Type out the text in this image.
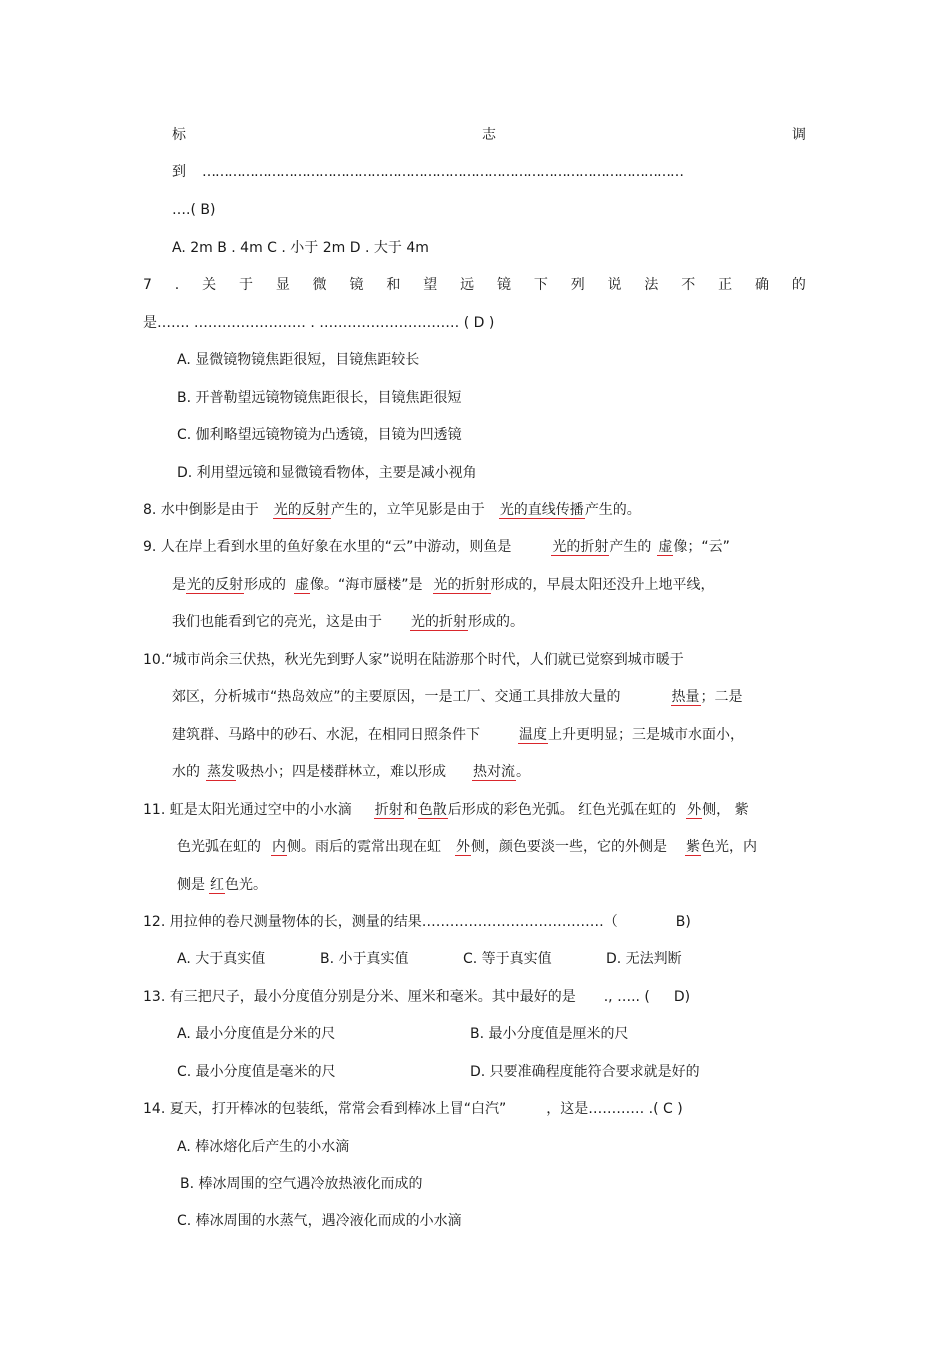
标	志	调
到 …………………………………………………………………………………………………
….( B)
A. 2m B . 4m C . 小于 2m D . 大于 4m
7 . 关 于 显 微 镜 和 望 远 镜 下 列 说 法 不 正 确 的
是……. …………………… . ………………………… ( D )
A. 显微镜物镜焦距很短，目镜焦距较长
B. 开普勒望远镜物镜焦距很长，目镜焦距很短
C. 伽利略望远镜物镜为凸透镜，目镜为凹透镜
D. 利用望远镜和显微镜看物体，主要是减小视角
8. 水中倒影是由于 光的反射产生的，立竿见影是由于 光的直线传播产生的。
9. 人在岸上看到水里的鱼好象在水里的“云”中游动，则鱼是	光的折射产生的 虚像；“云”
是光的反射形成的 虚像。“海市蜃楼”是 光的折射形成的，早晨太阳还没升上地平线，
我们也能看到它的亮光，这是由于 光的折射形成的。
10.“城市尚余三伏热，秋光先到野人家”说明在陆游那个时代，人们就已觉察到城市暖于
郊区，分析城市“热岛效应”的主要原因，一是工厂、交通工具排放大量的	热量；二是
建筑群、马路中的砂石、水泥，在相同日照条件下	温度上升更明显；三是城市水面小，
水的 蒸发吸热小；四是楼群林立，难以形成 热对流。
11. 虹是太阳光通过空中的小水滴 折射和色散后形成的彩色光弧。 红色光弧在虹的 外侧， 紫
色光弧在虹的 内侧。雨后的霓常出现在虹 外侧，颜色要淡一些，它的外侧是 紫色光，内
侧是 红色光。
12. 用拉伸的卷尺测量物体的长，测量的结果…………………………………（	B)
A. 大于真实值	B. 小于真实值	C. 等于真实值	D. 无法判断
13. 有三把尺子，最小分度值分别是分米、厘米和毫米。其中最好的是 ., ….. ( D)
A. 最小分度值是分米的尺	B. 最小分度值是厘米的尺
C. 最小分度值是毫米的尺	D. 只要准确程度能符合要求就是好的
14. 夏天，打开棒冰的包装纸，常常会看到棒冰上冒“白汽”	，这是………… .( C )
A. 棒冰熔化后产生的小水滴
B. 棒冰周围的空气遇冷放热液化而成的
C. 棒冰周围的水蒸气，遇冷液化而成的小水滴
